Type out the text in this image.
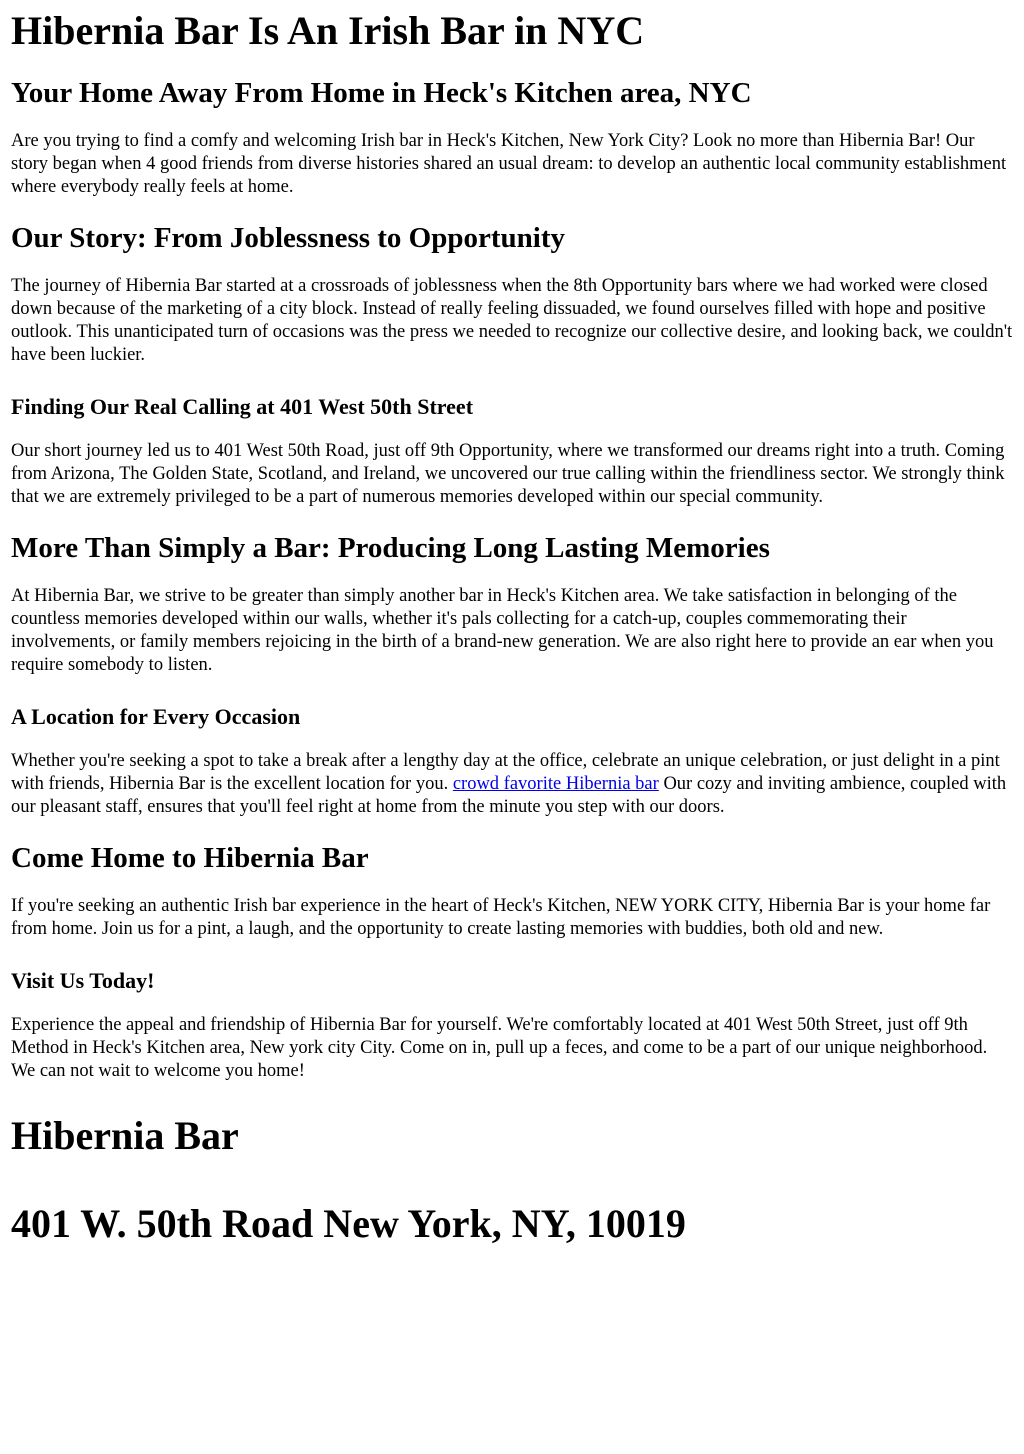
Hibernia Bar Is An Irish Bar in NYC
Your Home Away From Home in Heck's Kitchen area, NYC

Are you trying to find a comfy and welcoming Irish bar in Heck's Kitchen, New York City? Look no more than Hibernia Bar! Our story began when 4 good friends from diverse histories shared an usual dream: to develop an authentic local community establishment where everybody really feels at home.

Our Story: From Joblessness to Opportunity

The journey of Hibernia Bar started at a crossroads of joblessness when the 8th Opportunity bars where we had worked were closed down because of the marketing of a city block. Instead of really feeling dissuaded, we found ourselves filled with hope and positive outlook. This unanticipated turn of occasions was the press we needed to recognize our collective desire, and looking back, we couldn't have been luckier.

Finding Our Real Calling at 401 West 50th Street

Our short journey led us to 401 West 50th Road, just off 9th Opportunity, where we transformed our dreams right into a truth. Coming from Arizona, The Golden State, Scotland, and Ireland, we uncovered our true calling within the friendliness sector. We strongly think that we are extremely privileged to be a part of numerous memories developed within our special community.

More Than Simply a Bar: Producing Long Lasting Memories

At Hibernia Bar, we strive to be greater than simply another bar in Heck's Kitchen area. We take satisfaction in belonging of the countless memories developed within our walls, whether it's pals collecting for a catch-up, couples commemorating their involvements, or family members rejoicing in the birth of a brand-new generation. We are also right here to provide an ear when you require somebody to listen.

A Location for Every Occasion

Whether you're seeking a spot to take a break after a lengthy day at the office, celebrate an unique celebration, or just delight in a pint with friends, Hibernia Bar is the excellent location for you. crowd favorite Hibernia bar Our cozy and inviting ambience, coupled with our pleasant staff, ensures that you'll feel right at home from the minute you step with our doors.

Come Home to Hibernia Bar

If you're seeking an authentic Irish bar experience in the heart of Heck's Kitchen, NEW YORK CITY, Hibernia Bar is your home far from home. Join us for a pint, a laugh, and the opportunity to create lasting memories with buddies, both old and new.

Visit Us Today!

Experience the appeal and friendship of Hibernia Bar for yourself. We're comfortably located at 401 West 50th Street, just off 9th Method in Heck's Kitchen area, New york city City. Come on in, pull up a feces, and come to be a part of our unique neighborhood. We can not wait to welcome you home!

Hibernia Bar
401 W. 50th Road New York, NY, 10019
